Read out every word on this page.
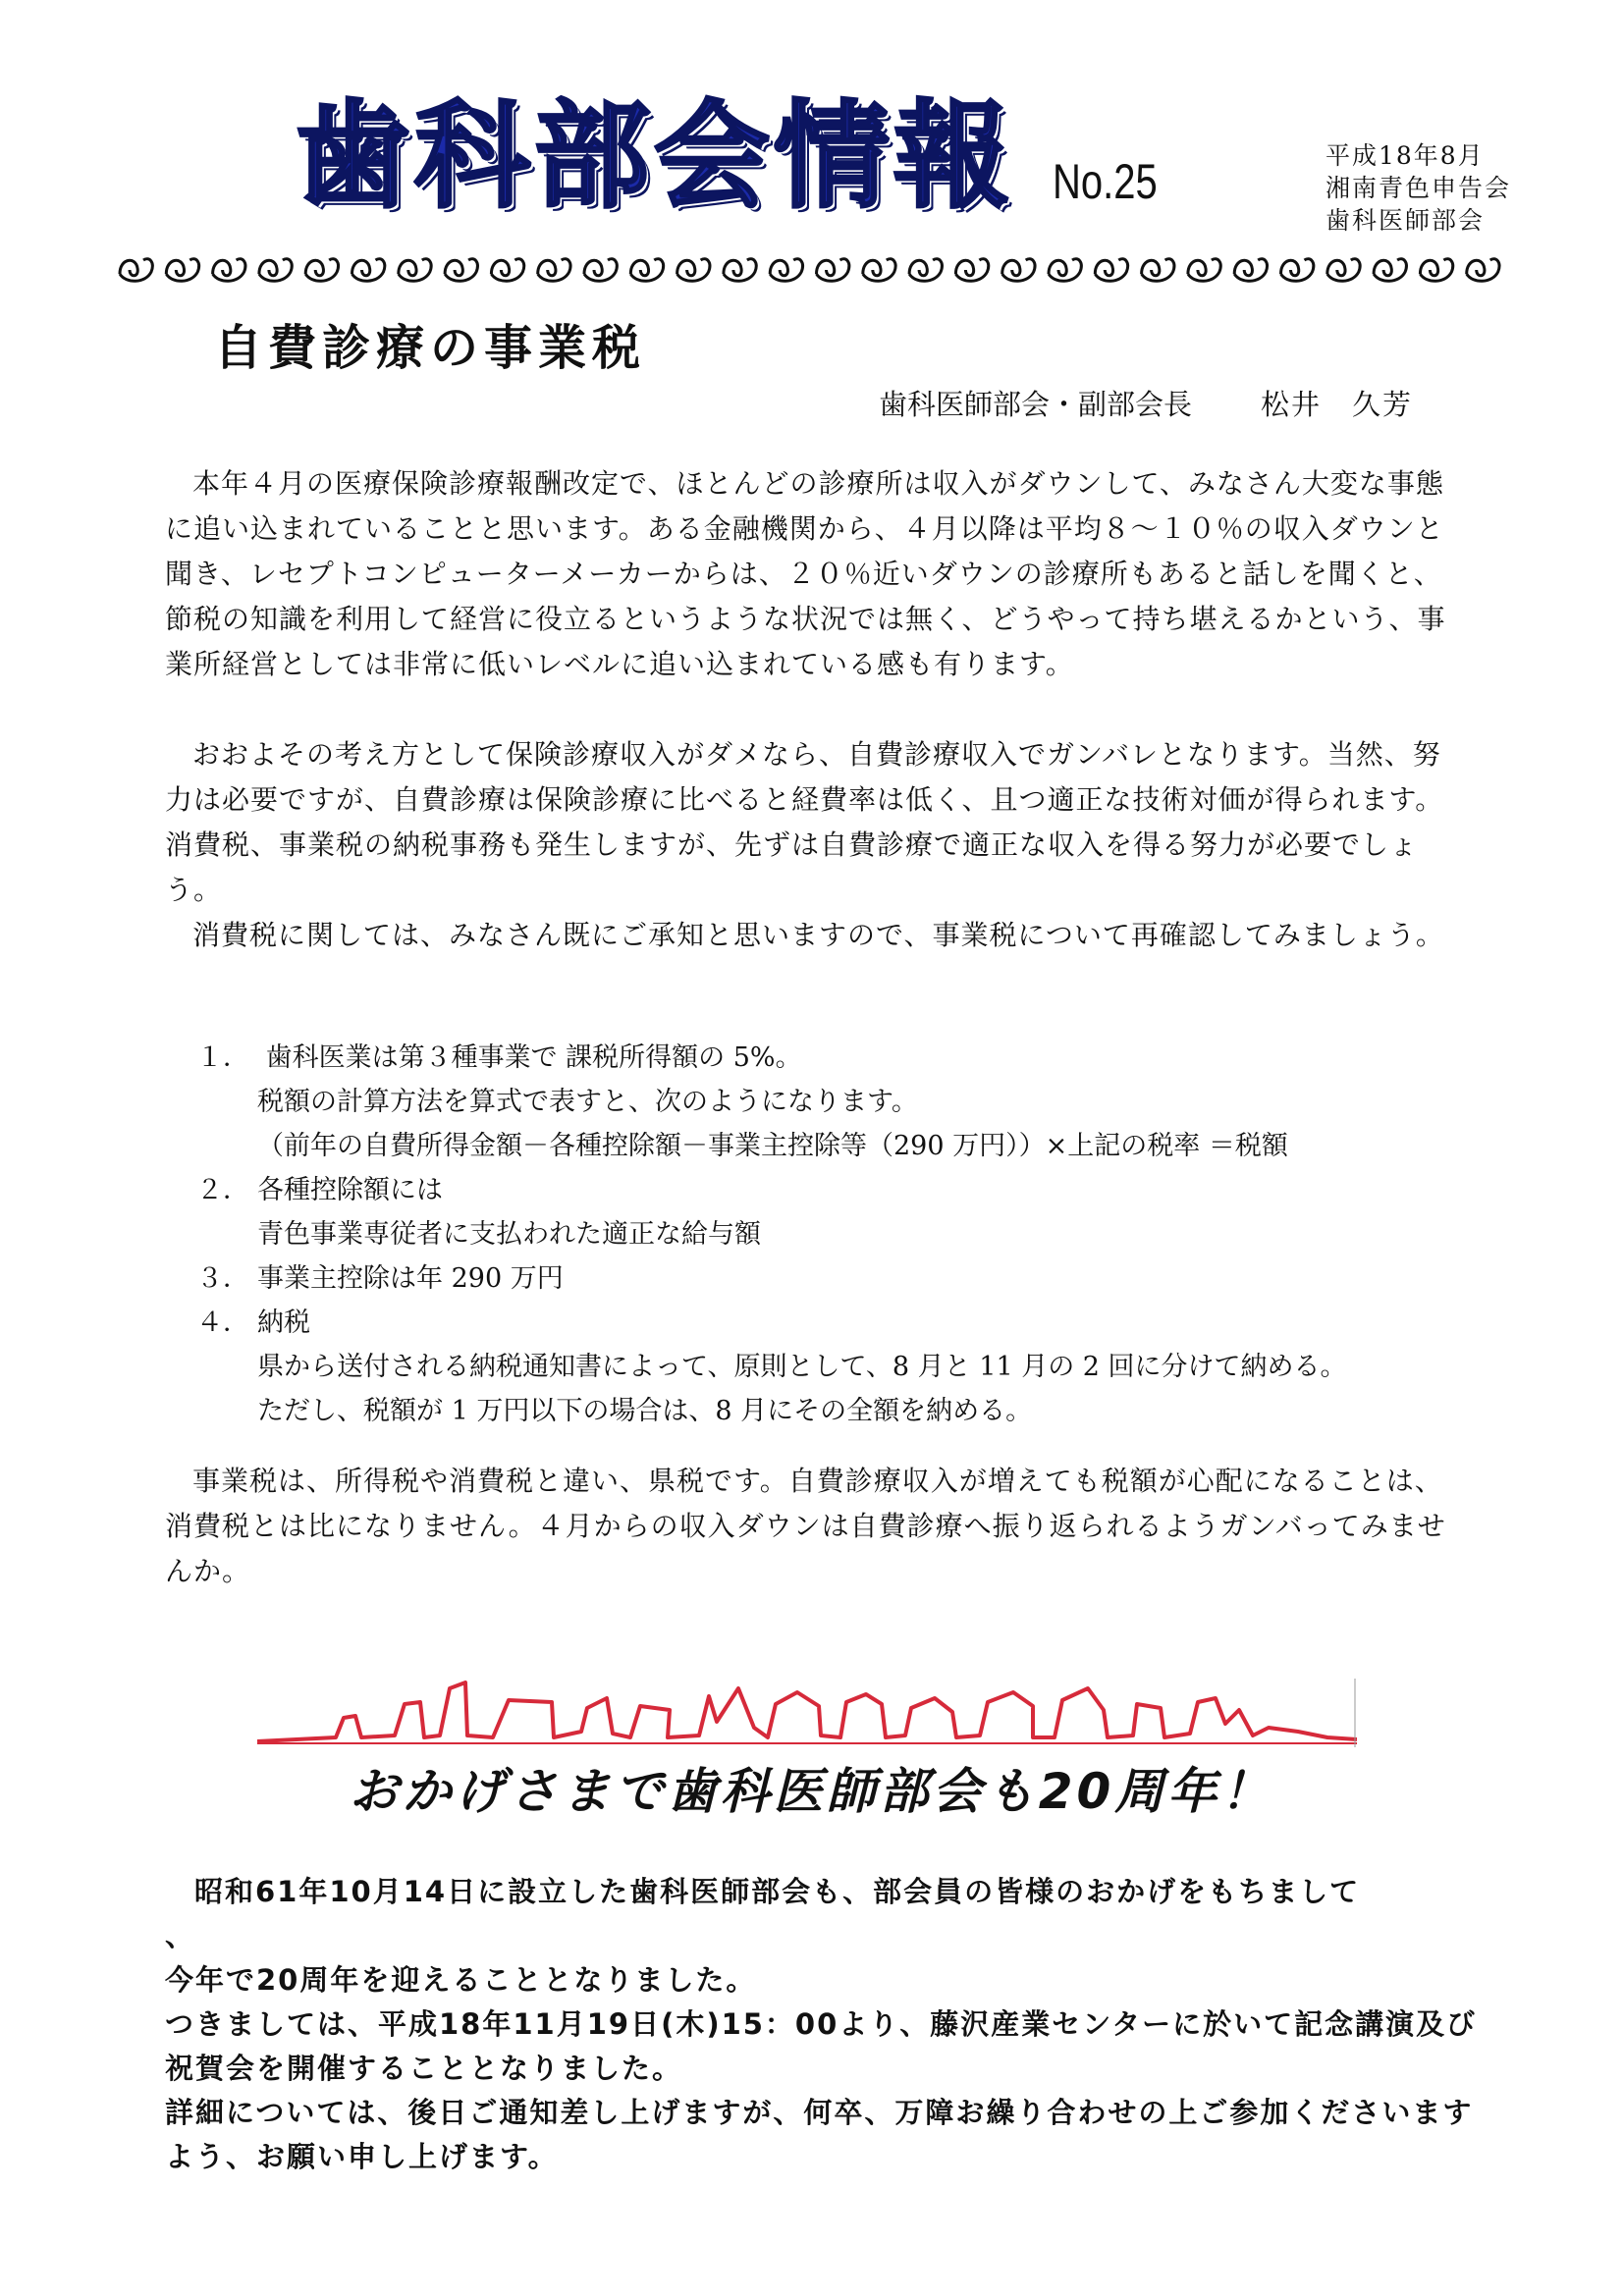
歯科部会情報 No.25	平成18年8月
湘南青色申告会
歯科医師部会
自費診療の事業税
歯科医師部会・副部会長 松井　久芳

本年４月の医療保険診療報酬改定で、ほとんどの診療所は収入がダウンして、みなさん大変な事態に追い込まれていることと思います。ある金融機関から、４月以降は平均８～１０％の収入ダウンと聞き、レセプトコンピューターメーカーからは、２０％近いダウンの診療所もあると話しを聞くと、節税の知識を利用して経営に役立るというような状況では無く、どうやって持ち堪えるかという、事業所経営としては非常に低いレベルに追い込まれている感も有ります。

おおよその考え方として保険診療収入がダメなら、自費診療収入でガンバレとなります。当然、努力は必要ですが、自費診療は保険診療に比べると経費率は低く、且つ適正な技術対価が得られます。消費税、事業税の納税事務も発生しますが、先ずは自費診療で適正な収入を得る努力が必要でしょう。

消費税に関しては、みなさん既にご承知と思いますので、事業税について再確認してみましょう。

１． 歯科医業は第３種事業で 課税所得額の 5%。
税額の計算方法を算式で表すと、次のようになります。
（前年の自費所得金額－各種控除額－事業主控除等（290 万円））×上記の税率 ＝税額
２． 各種控除額には
青色事業専従者に支払われた適正な給与額
３． 事業主控除は年 290 万円
４． 納税
県から送付される納税通知書によって、原則として、8 月と 11 月の 2 回に分けて納める。
ただし、税額が 1 万円以下の場合は、8 月にその全額を納める。

事業税は、所得税や消費税と違い、県税です。自費診療収入が増えても税額が心配になることは、消費税とは比になりません。４月からの収入ダウンは自費診療へ振り返られるようガンバってみませんか。

おかげさまで歯科医師部会も20周年！

昭和61年10月14日に設立した歯科医師部会も、部会員の皆様のおかげをもちまして

、

今年で20周年を迎えることとなりました。

つきましては、平成18年11月19日(木)15：00より、藤沢産業センターに於いて記念講演及び祝賀会を開催することとなりました。

詳細については、後日ご通知差し上げますが、何卒、万障お繰り合わせの上ご参加くださいますよう、お願い申し上げます。
